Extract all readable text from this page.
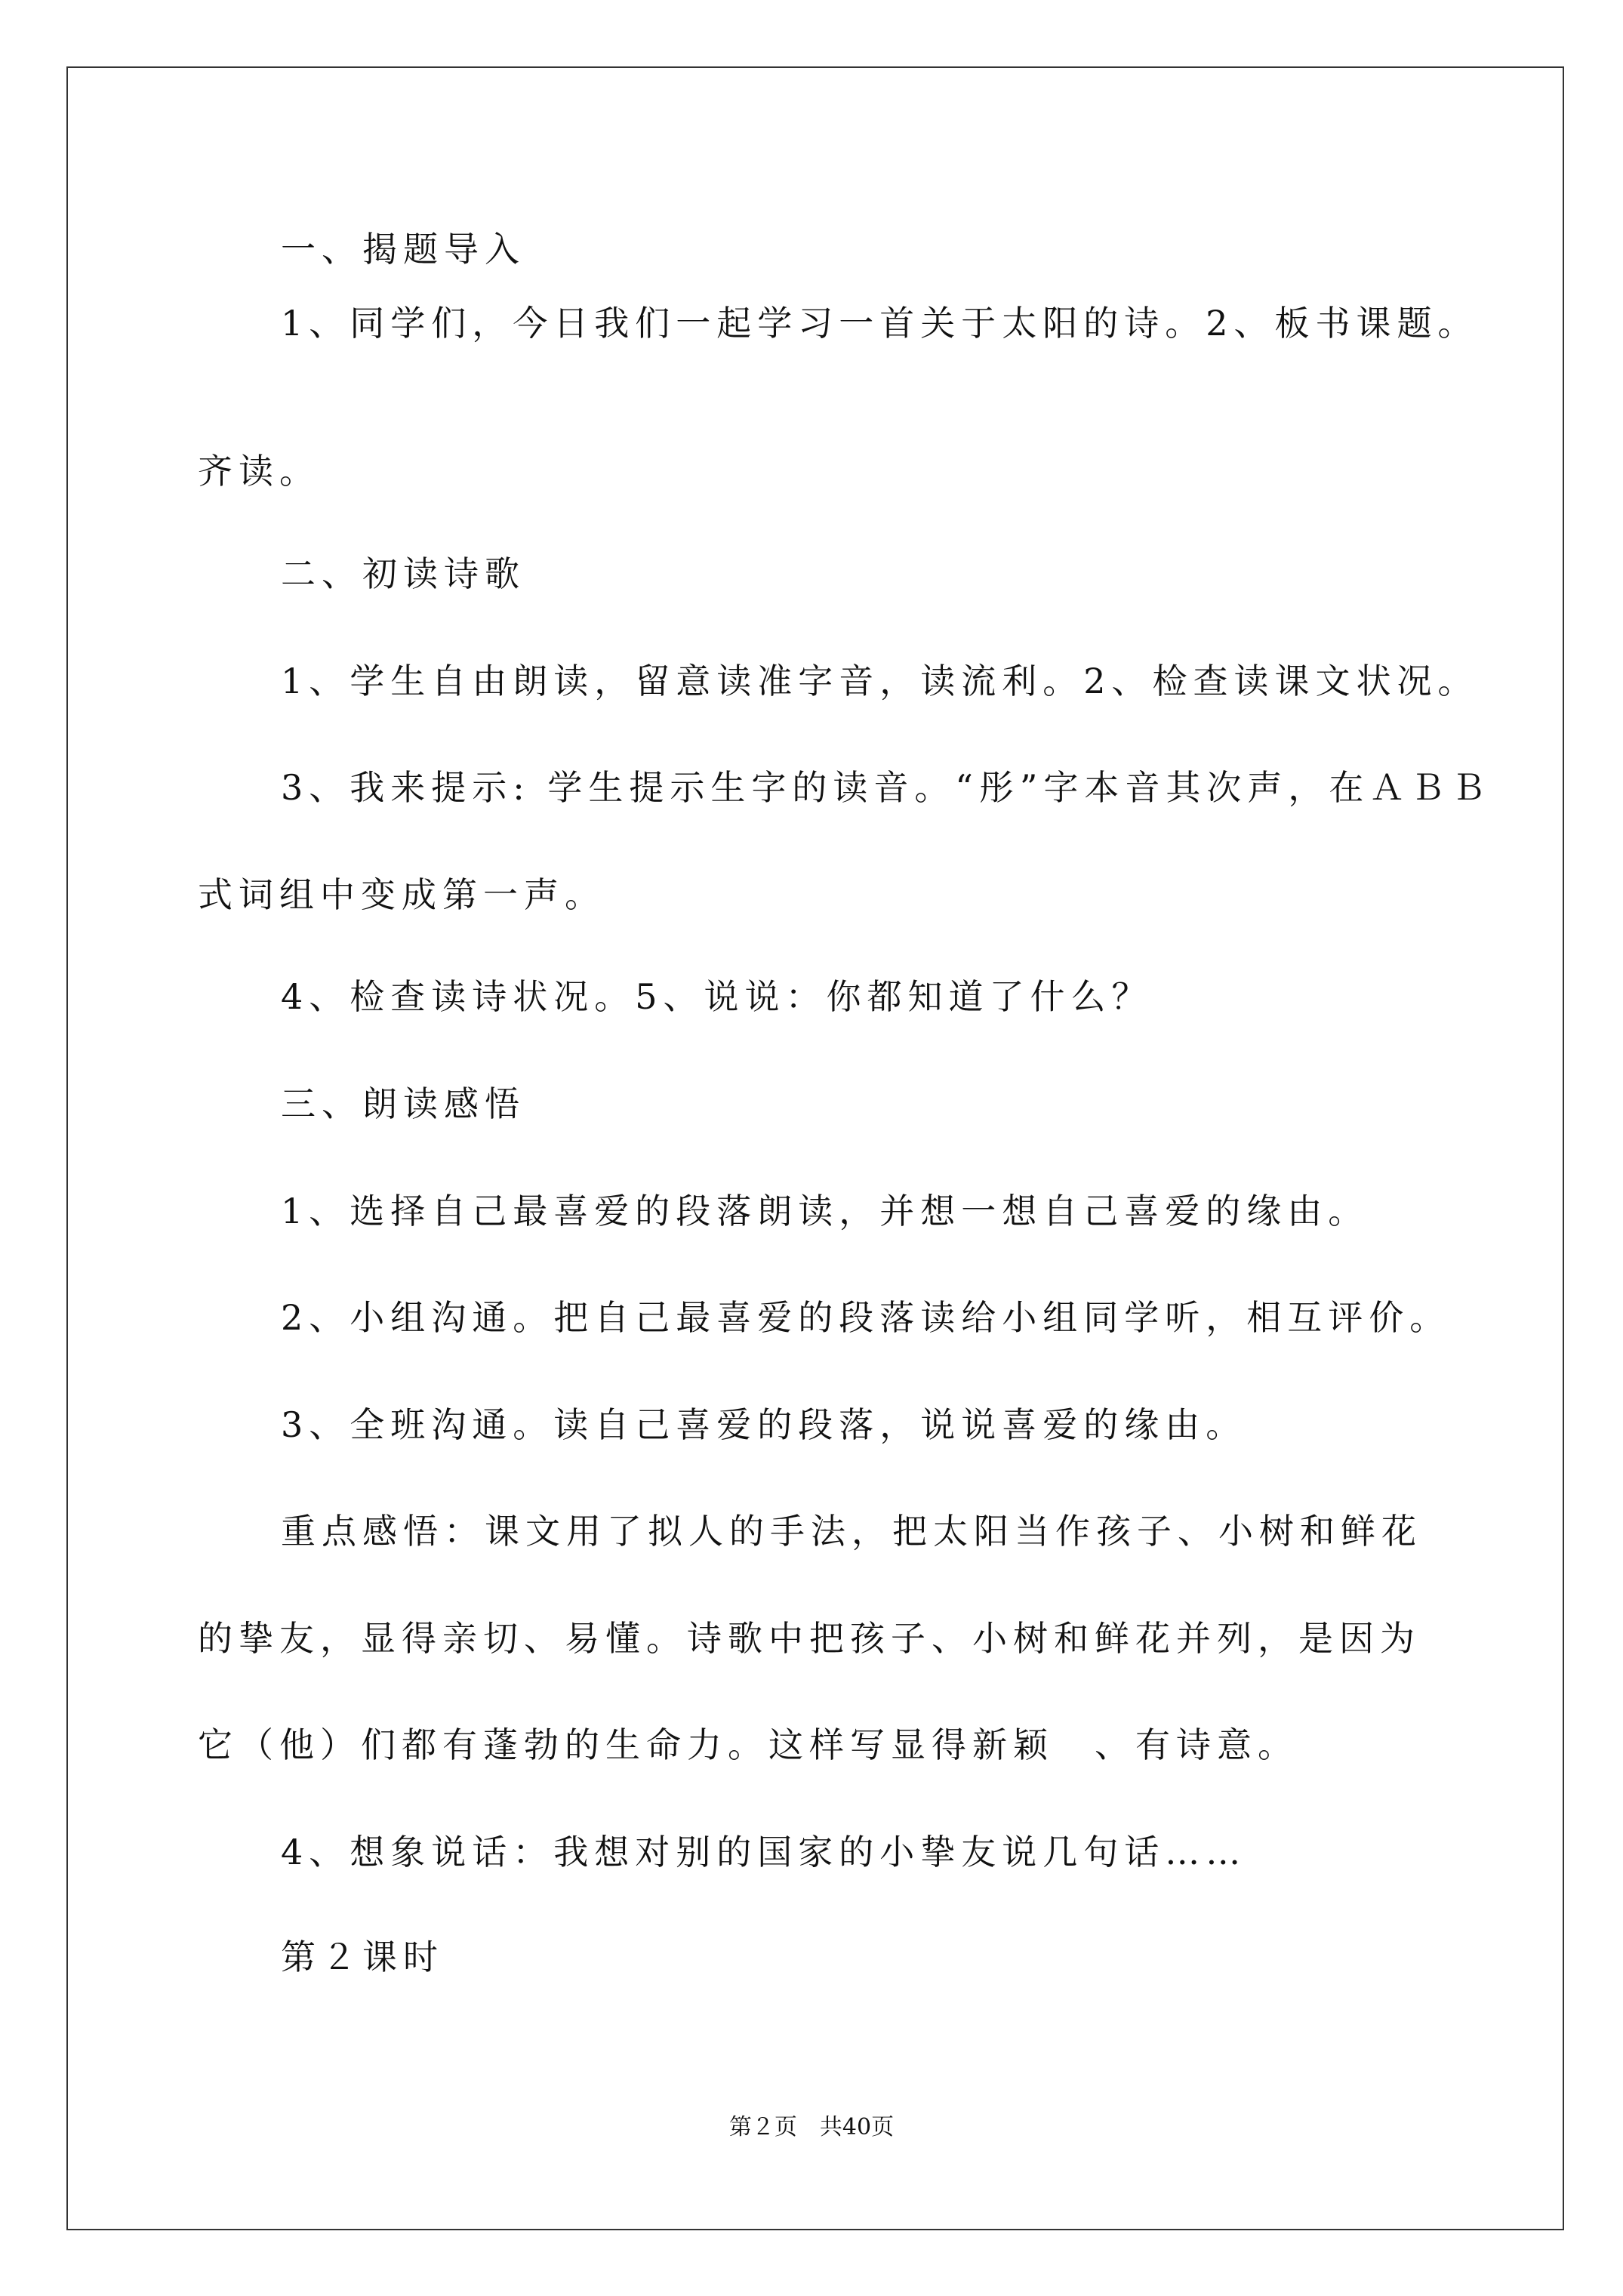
一、揭题导入
1、同学们，今日我们一起学习一首关于太阳的诗。2、板书课题。
齐读。
二、初读诗歌
1、学生自由朗读，留意读准字音，读流利。2、检查读课文状况。
3、我来提示: 学生提示生字的读音。“彤”字本音其次声，在ＡＢＢ
式词组中变成第一声。
4、检查读诗状况。5、说说：你都知道了什么？
三、朗读感悟
1、选择自己最喜爱的段落朗读，并想一想自己喜爱的缘由。
2、小组沟通。把自己最喜爱的段落读给小组同学听，相互评价。
3、全班沟通。读自己喜爱的段落，说说喜爱的缘由。
重点感悟：课文用了拟人的手法，把太阳当作孩子、小树和鲜花
的挚友，显得亲切、易懂。诗歌中把孩子、小树和鲜花并列，是因为
它（他）们都有蓬勃的生命力。这样写显得新颖　、有诗意。
4、想象说话：我想对别的国家的小挚友说几句话……
第２课时
第２页　共40页
